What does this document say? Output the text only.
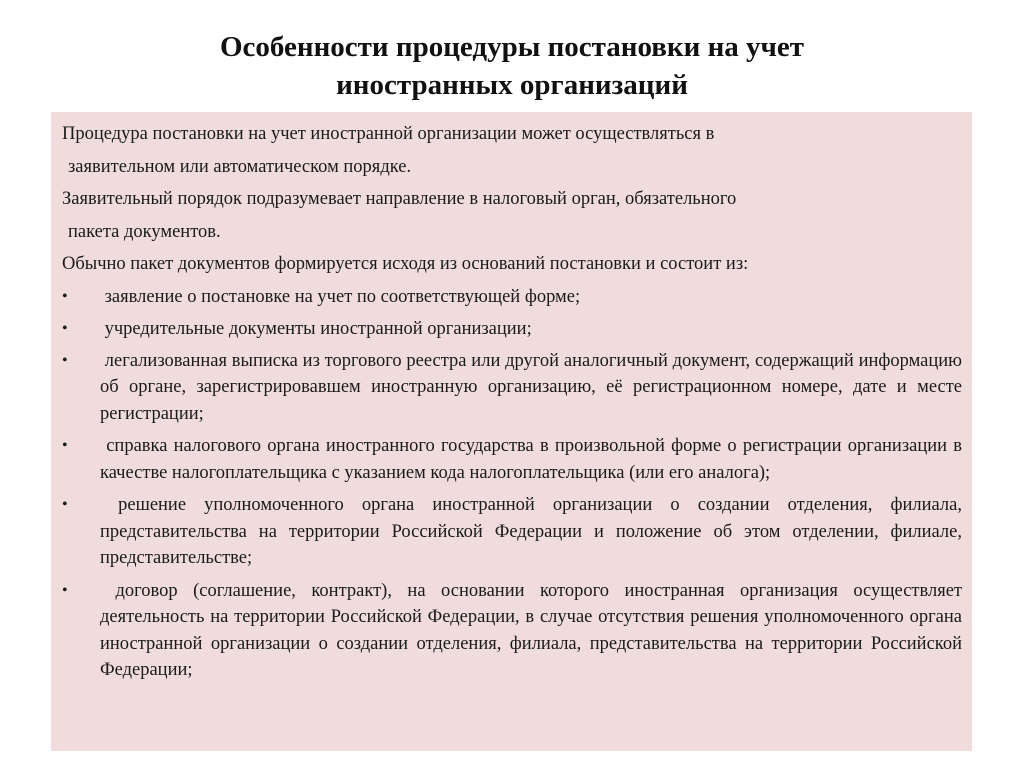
Особенности процедуры постановки на учет
иностранных организаций

Процедура постановки на учет иностранной организации может осуществляться в
заявительном или автоматическом порядке.

Заявительный порядок подразумевает направление в налоговый орган, обязательного
пакета документов.

Обычно пакет документов формируется исходя из оснований постановки и состоит из:

•	заявление о постановке на учет по соответствующей форме;
•	учредительные документы иностранной организации;
•	легализованная выписка из торгового реестра или другой аналогичный документ, содержащий информацию об органе, зарегистрировавшем иностранную организацию, её регистрационном номере, дате и месте регистрации;
•	справка налогового органа иностранного государства в произвольной форме о регистрации организации в качестве налогоплательщика с указанием кода налогоплательщика (или его аналога);
•	решение уполномоченного органа иностранной организации о создании отделения, филиала, представительства на территории Российской Федерации и положение об этом отделении, филиале, представительстве;
•	договор (соглашение, контракт), на основании которого иностранная организация осуществляет деятельность на территории Российской Федерации, в случае отсутствия решения уполномоченного органа иностранной организации о создании отделения, филиала, представительства на территории Российской Федерации;
